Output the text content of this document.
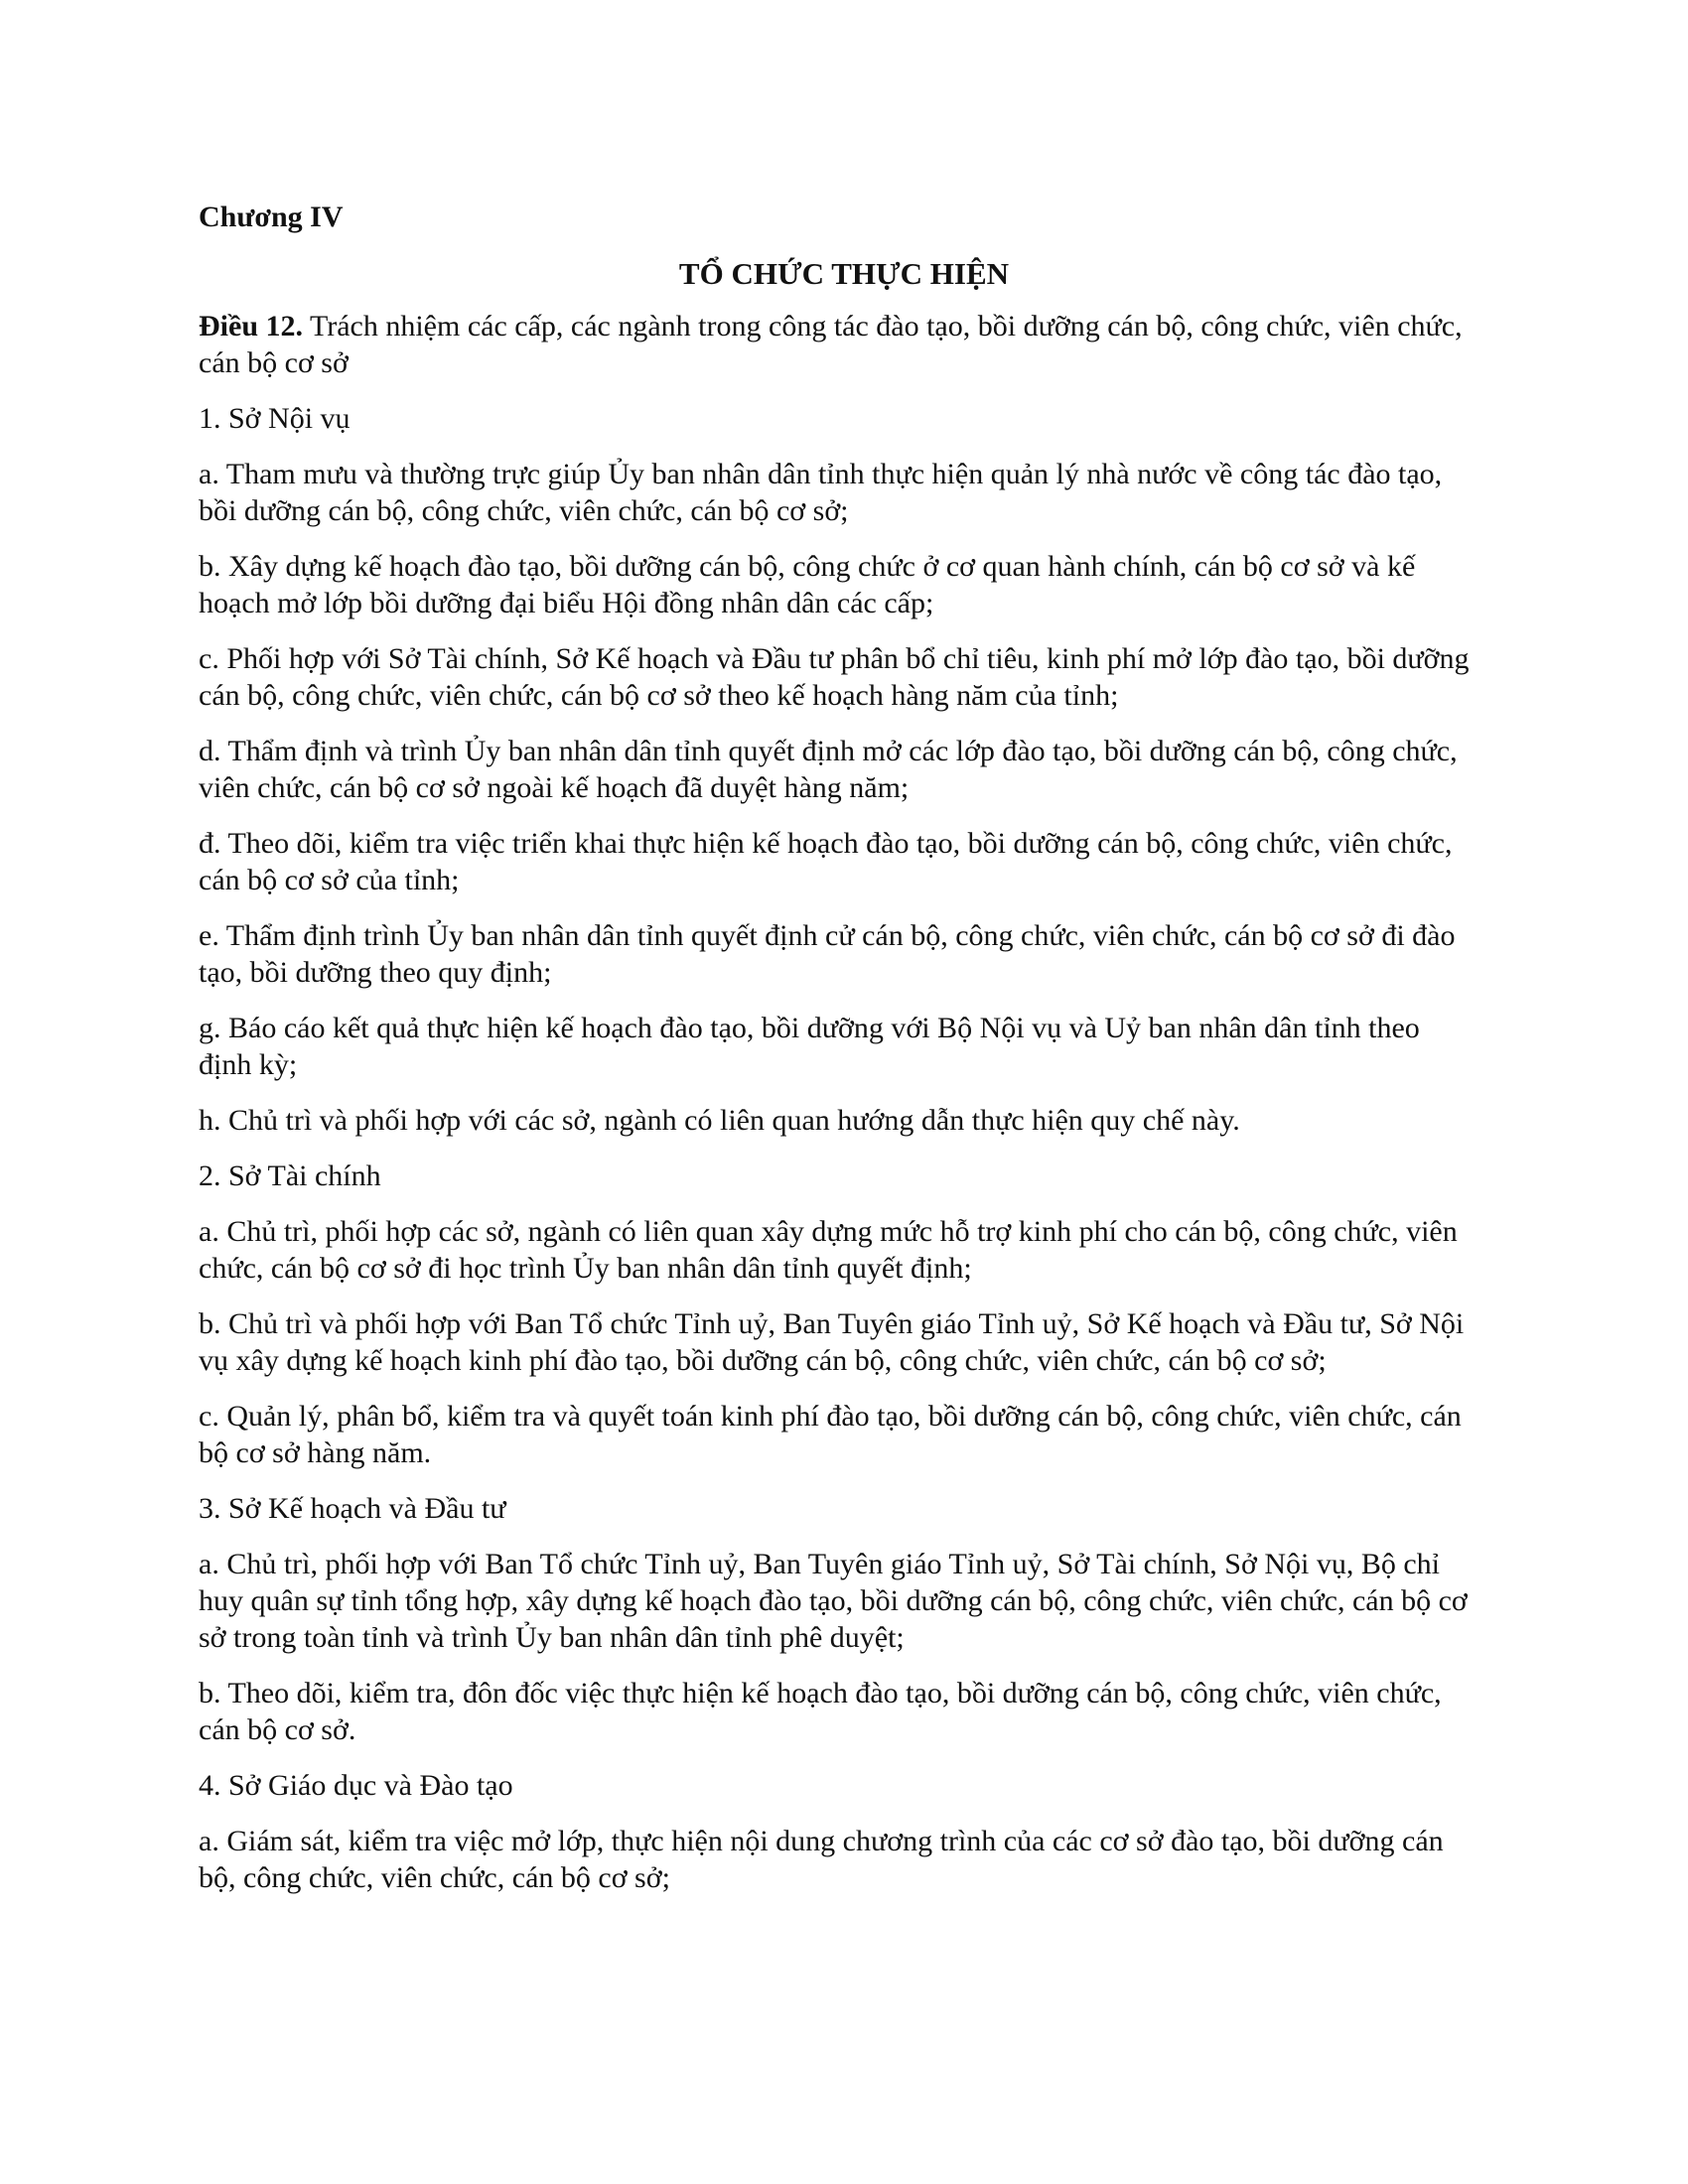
Chương IV
TỔ CHỨC THỰC HIỆN

Điều 12. Trách nhiệm các cấp, các ngành trong công tác đào tạo, bồi dưỡng cán bộ, công chức, viên chức, cán bộ cơ sở

1. Sở Nội vụ

a. Tham mưu và thường trực giúp Ủy ban nhân dân tỉnh thực hiện quản lý nhà nước về công tác đào tạo, bồi dưỡng cán bộ, công chức, viên chức, cán bộ cơ sở;

b. Xây dựng kế hoạch đào tạo, bồi dưỡng cán bộ, công chức ở cơ quan hành chính, cán bộ cơ sở và kế hoạch mở lớp bồi dưỡng đại biểu Hội đồng nhân dân các cấp;

c. Phối hợp với Sở Tài chính, Sở Kế hoạch và Đầu tư phân bổ chỉ tiêu, kinh phí mở lớp đào tạo, bồi dưỡng cán bộ, công chức, viên chức, cán bộ cơ sở theo kế hoạch hàng năm của tỉnh;

d. Thẩm định và trình Ủy ban nhân dân tỉnh quyết định mở các lớp đào tạo, bồi dưỡng cán bộ, công chức, viên chức, cán bộ cơ sở ngoài kế hoạch đã duyệt hàng năm;

đ. Theo dõi, kiểm tra việc triển khai thực hiện kế hoạch đào tạo, bồi dưỡng cán bộ, công chức, viên chức, cán bộ cơ sở của tỉnh;

e. Thẩm định trình Ủy ban nhân dân tỉnh quyết định cử cán bộ, công chức, viên chức, cán bộ cơ sở đi đào tạo, bồi dưỡng theo quy định;

g. Báo cáo kết quả thực hiện kế hoạch đào tạo, bồi dưỡng với Bộ Nội vụ và Uỷ ban nhân dân tỉnh theo định kỳ;

h. Chủ trì và phối hợp với các sở, ngành có liên quan hướng dẫn thực hiện quy chế này.

2. Sở Tài chính

a. Chủ trì, phối hợp các sở, ngành có liên quan xây dựng mức hỗ trợ kinh phí cho cán bộ, công chức, viên chức, cán bộ cơ sở đi học trình Ủy ban nhân dân tỉnh quyết định;

b. Chủ trì và phối hợp với Ban Tổ chức Tỉnh uỷ, Ban Tuyên giáo Tỉnh uỷ, Sở Kế hoạch và Đầu tư, Sở Nội vụ xây dựng kế hoạch kinh phí đào tạo, bồi dưỡng cán bộ, công chức, viên chức, cán bộ cơ sở;

c. Quản lý, phân bổ, kiểm tra và quyết toán kinh phí đào tạo, bồi dưỡng cán bộ, công chức, viên chức, cán bộ cơ sở hàng năm.

3. Sở Kế hoạch và Đầu tư

a. Chủ trì, phối hợp với Ban Tổ chức Tỉnh uỷ, Ban Tuyên giáo Tỉnh uỷ, Sở Tài chính, Sở Nội vụ, Bộ chỉ huy quân sự tỉnh tổng hợp, xây dựng kế hoạch đào tạo, bồi dưỡng cán bộ, công chức, viên chức, cán bộ cơ sở trong toàn tỉnh và trình Ủy ban nhân dân tỉnh phê duyệt;

b. Theo dõi, kiểm tra, đôn đốc việc thực hiện kế hoạch đào tạo, bồi dưỡng cán bộ, công chức, viên chức, cán bộ cơ sở.

4. Sở Giáo dục và Đào tạo

a. Giám sát, kiểm tra việc mở lớp, thực hiện nội dung chương trình của các cơ sở đào tạo, bồi dưỡng cán bộ, công chức, viên chức, cán bộ cơ sở;
